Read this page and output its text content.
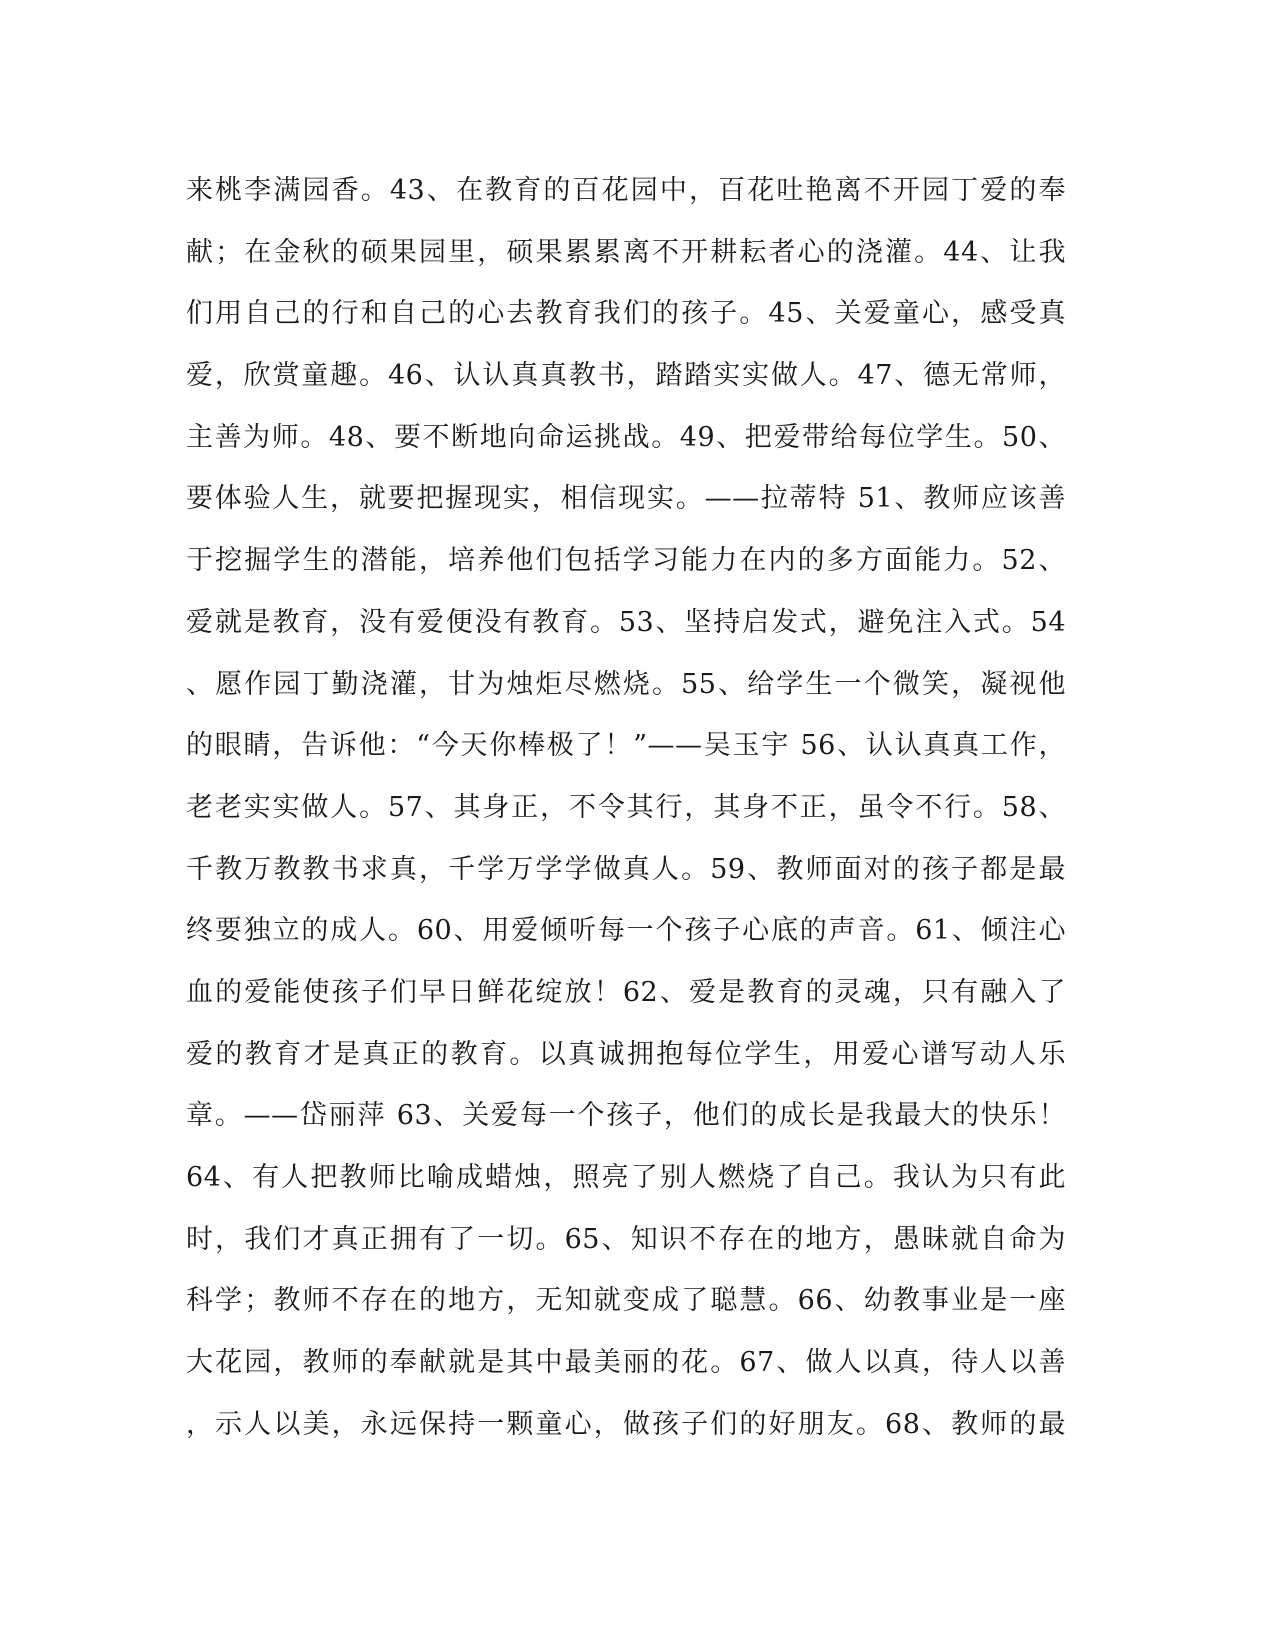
来桃李满园香。43、在教育的百花园中，百花吐艳离不开园丁爱的奉
献；在金秋的硕果园里，硕果累累离不开耕耘者心的浇灌。44、让我
们用自己的行和自己的心去教育我们的孩子。45、关爱童心，感受真
爱，欣赏童趣。46、认认真真教书，踏踏实实做人。47、德无常师，
主善为师。48、要不断地向命运挑战。49、把爱带给每位学生。50、
要体验人生，就要把握现实，相信现实。——拉蒂特 51、教师应该善
于挖掘学生的潜能，培养他们包括学习能力在内的多方面能力。52、
爱就是教育，没有爱便没有教育。53、坚持启发式，避免注入式。54
、愿作园丁勤浇灌，甘为烛炬尽燃烧。55、给学生一个微笑，凝视他
的眼睛，告诉他：“今天你棒极了！”——吴玉宇 56、认认真真工作，
老老实实做人。57、其身正，不令其行，其身不正，虽令不行。58、
千教万教教书求真，千学万学学做真人。59、教师面对的孩子都是最
终要独立的成人。60、用爱倾听每一个孩子心底的声音。61、倾注心
血的爱能使孩子们早日鲜花绽放！62、爱是教育的灵魂，只有融入了
爱的教育才是真正的教育。以真诚拥抱每位学生，用爱心谱写动人乐
章。——岱丽萍 63、关爱每一个孩子，他们的成长是我最大的快乐！
64、有人把教师比喻成蜡烛，照亮了别人燃烧了自己。我认为只有此
时，我们才真正拥有了一切。65、知识不存在的地方，愚昧就自命为
科学；教师不存在的地方，无知就变成了聪慧。66、幼教事业是一座
大花园，教师的奉献就是其中最美丽的花。67、做人以真，待人以善
，示人以美，永远保持一颗童心，做孩子们的好朋友。68、教师的最
